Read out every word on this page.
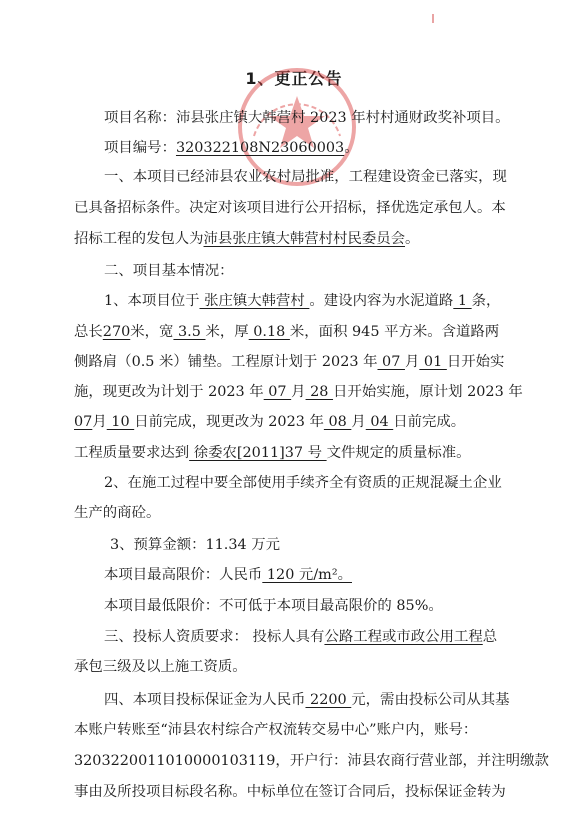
1、更正公告
项目名称：沛县张庄镇大韩营村 2023 年村村通财政奖补项目。
项目编号：320322108N23060003。
一、本项目已经沛县农业农村局批准，工程建设资金已落实，现
已具备招标条件。决定对该项目进行公开招标，择优选定承包人。本
招标工程的发包人为沛县张庄镇大韩营村村民委员会。
二、项目基本情况：
1、本项目位于 张庄镇大韩营村 。建设内容为水泥道路 1 条，
总长270米，宽 3.5 米，厚 0.18 米，面积 945 平方米。含道路两
侧路肩（0.5 米）铺垫。工程原计划于 2023 年 07 月 01 日开始实
施，现更改为计划于 2023 年 07 月 28 日开始实施，原计划 2023 年
07月 10 日前完成，现更改为 2023 年 08 月 04 日前完成。
工程质量要求达到 徐委农[2011]37 号 文件规定的质量标准。
2、在施工过程中要全部使用手续齐全有资质的正规混凝土企业
生产的商砼。
3、预算金额：11.34 万元
本项目最高限价：人民币 120 元/m²。
本项目最低限价：不可低于本项目最高限价的 85%。
三、投标人资质要求： 投标人具有公路工程或市政公用工程总
承包三级及以上施工资质。
四、本项目投标保证金为人民币 2200 元，需由投标公司从其基
本账户转账至“沛县农村综合产权流转交易中心”账户内，账号：
32032200110100001031​19，开户行：沛县农商行营业部，并注明缴款
事由及所投项目标段名称。中标单位在签订合同后，投标保证金转为
